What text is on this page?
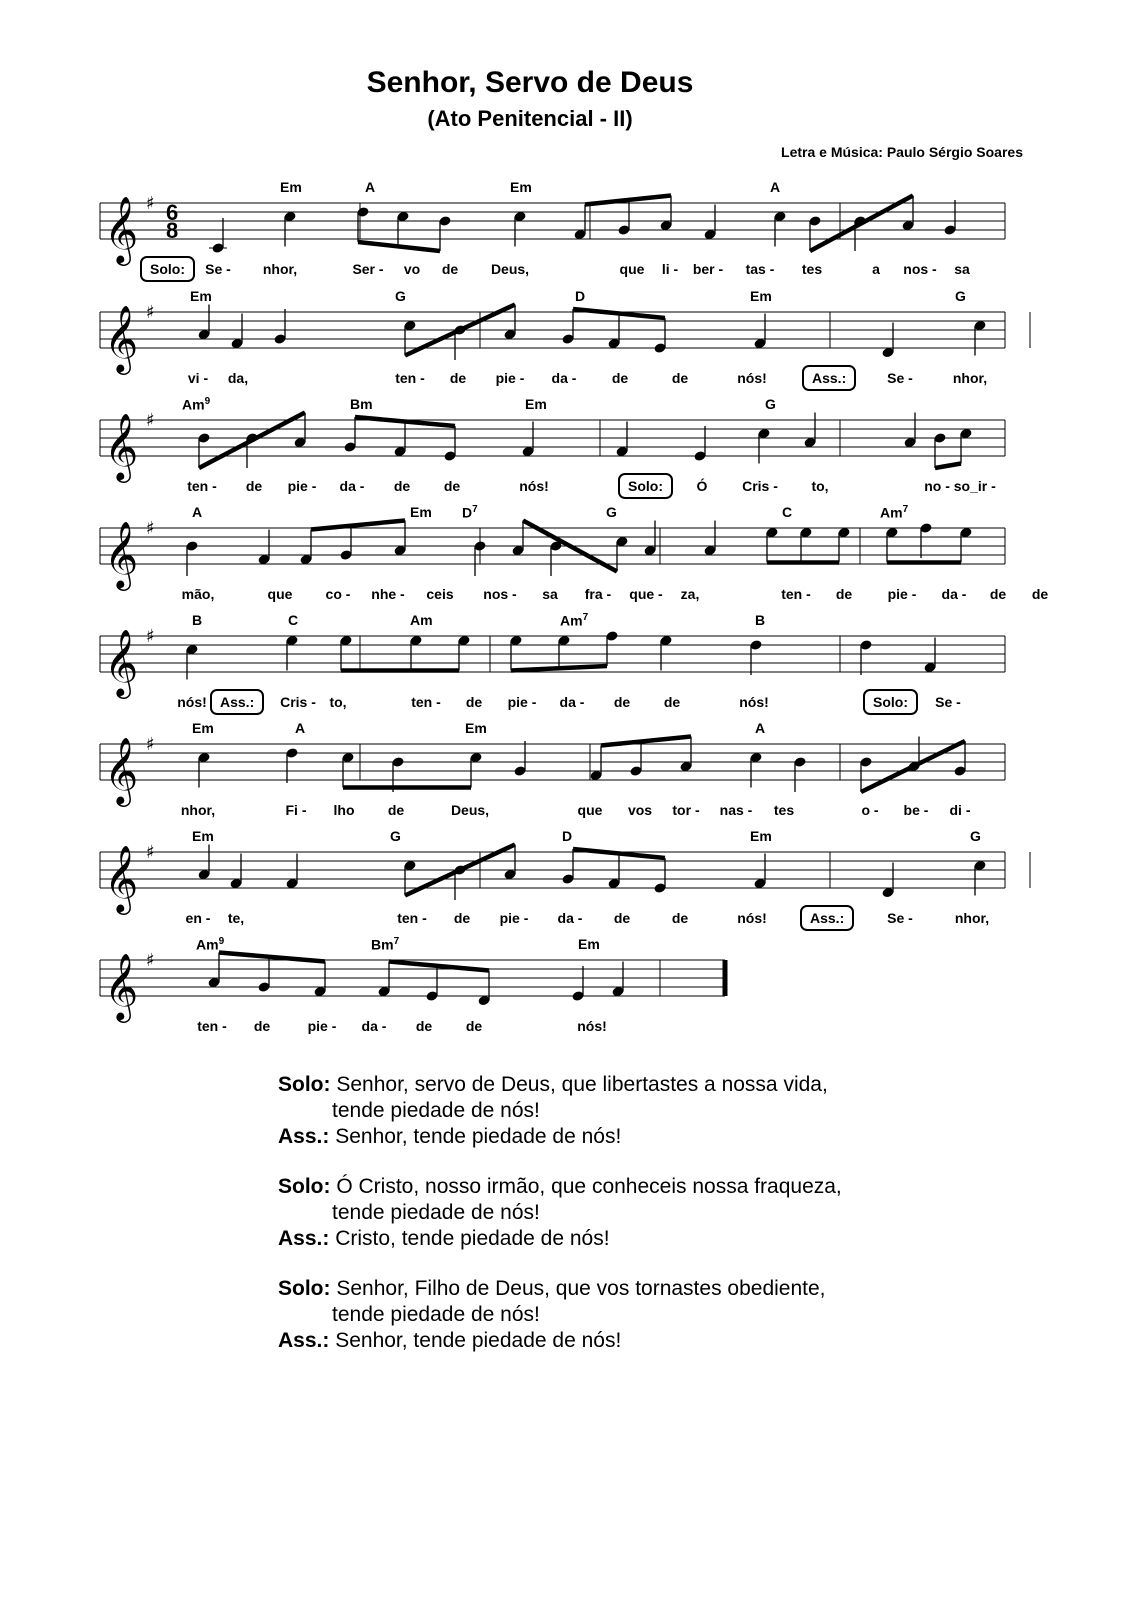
Senhor, Servo de Deus
(Ato Penitencial - II)
Letra e Música: Paulo Sérgio Soares
𝄞 ♯ 6
8
Em	A	Em	A
Se - nhor,	Ser - vo de Deus,	que li - ber - tas - tes	a nos - sa
Solo:
𝄞 ♯
Em	G	D	Em	G
vi - da,	ten - de pie - da -	de	de	nós!	Se -	nhor,
Ass.:
𝄞 ♯
Am$^9$	Bm	Em	G
ten - de pie - da - de de	nós!	Ó Cris - to,	no - so_ir -
Solo:
𝄞 ♯
A	Em $D^7$	G	C	Am$^7$
mão,	que co - nhe - ceis nos - sa fra - que - za,	ten - de	pie - da - de de
𝄞 ♯
B	C	Am	Am$^7$	B
nós!	Cris - to,	ten - de pie - da - de de	nós!	Se -
Ass.:	Solo:
𝄞 ♯
Em	A	Em	A
nhor,	Fi - lho de	Deus,	que vos tor - nas - tes	o - be - di -
𝄞 ♯
Em	G	D	Em	G
en - te,	ten - de pie - da - de	de	nós!	Se -	nhor,
Ass.:
𝄞 ♯
Am$^9$	Bm$^7$	Em
ten - de	pie - da - de de	nós!
Solo: Senhor, servo de Deus, que libertastes a nossa vida,
tende piedade de nós!
Ass.: Senhor, tende piedade de nós!
Solo: Ó Cristo, nosso irmão, que conheceis nossa fraqueza,
tende piedade de nós!
Ass.: Cristo, tende piedade de nós!
Solo: Senhor, Filho de Deus, que vos tornastes obediente,
tende piedade de nós!
Ass.: Senhor, tende piedade de nós!
